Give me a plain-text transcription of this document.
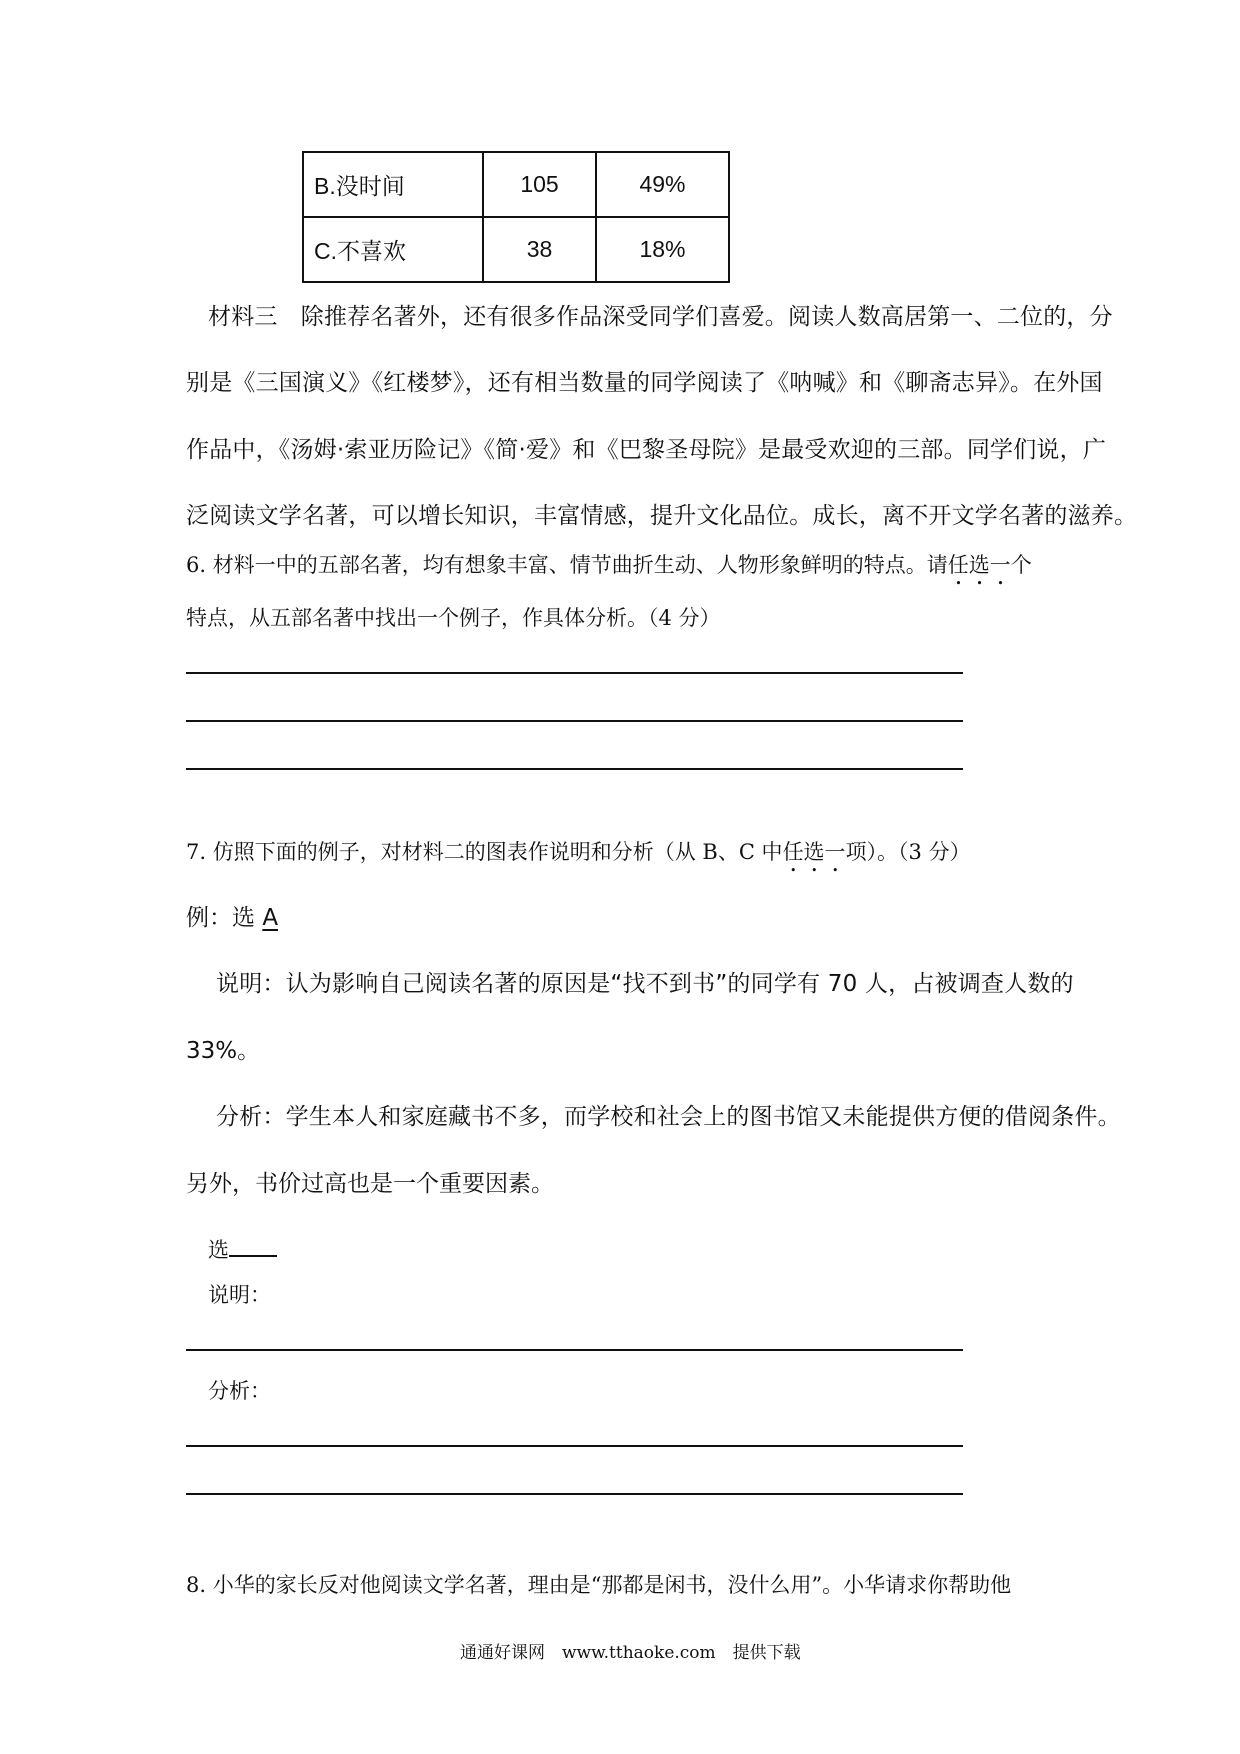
B.没时间	105	49%
C.不喜欢	38	18%
材料三　除推荐名著外，还有很多作品深受同学们喜爱。阅读人数高居第一、二位的，分
别是《三国演义》《红楼梦》，还有相当数量的同学阅读了《呐喊》和《聊斋志异》。在外国
作品中，《汤姆·索亚历险记》《简·爱》和《巴黎圣母院》是最受欢迎的三部。同学们说，广
泛阅读文学名著，可以增长知识，丰富情感，提升文化品位。成长，离不开文学名著的滋养。
6. 材料一中的五部名著，均有想象丰富、情节曲折生动、人物形象鲜明的特点。请任选一个
特点，从五部名著中找出一个例子，作具体分析。（4 分）
7. 仿照下面的例子，对材料二的图表作说明和分析（从 B、C 中任选一项）。（3 分）
例：选 A
说明：认为影响自己阅读名著的原因是“找不到书”的同学有 70 人，占被调查人数的
33%。
分析：学生本人和家庭藏书不多，而学校和社会上的图书馆又未能提供方便的借阅条件。
另外，书价过高也是一个重要因素。
选
说明：
分析：
8. 小华的家长反对他阅读文学名著，理由是“那都是闲书，没什么用”。小华请求你帮助他
通通好课网　www.tthaoke.com　提供下载
